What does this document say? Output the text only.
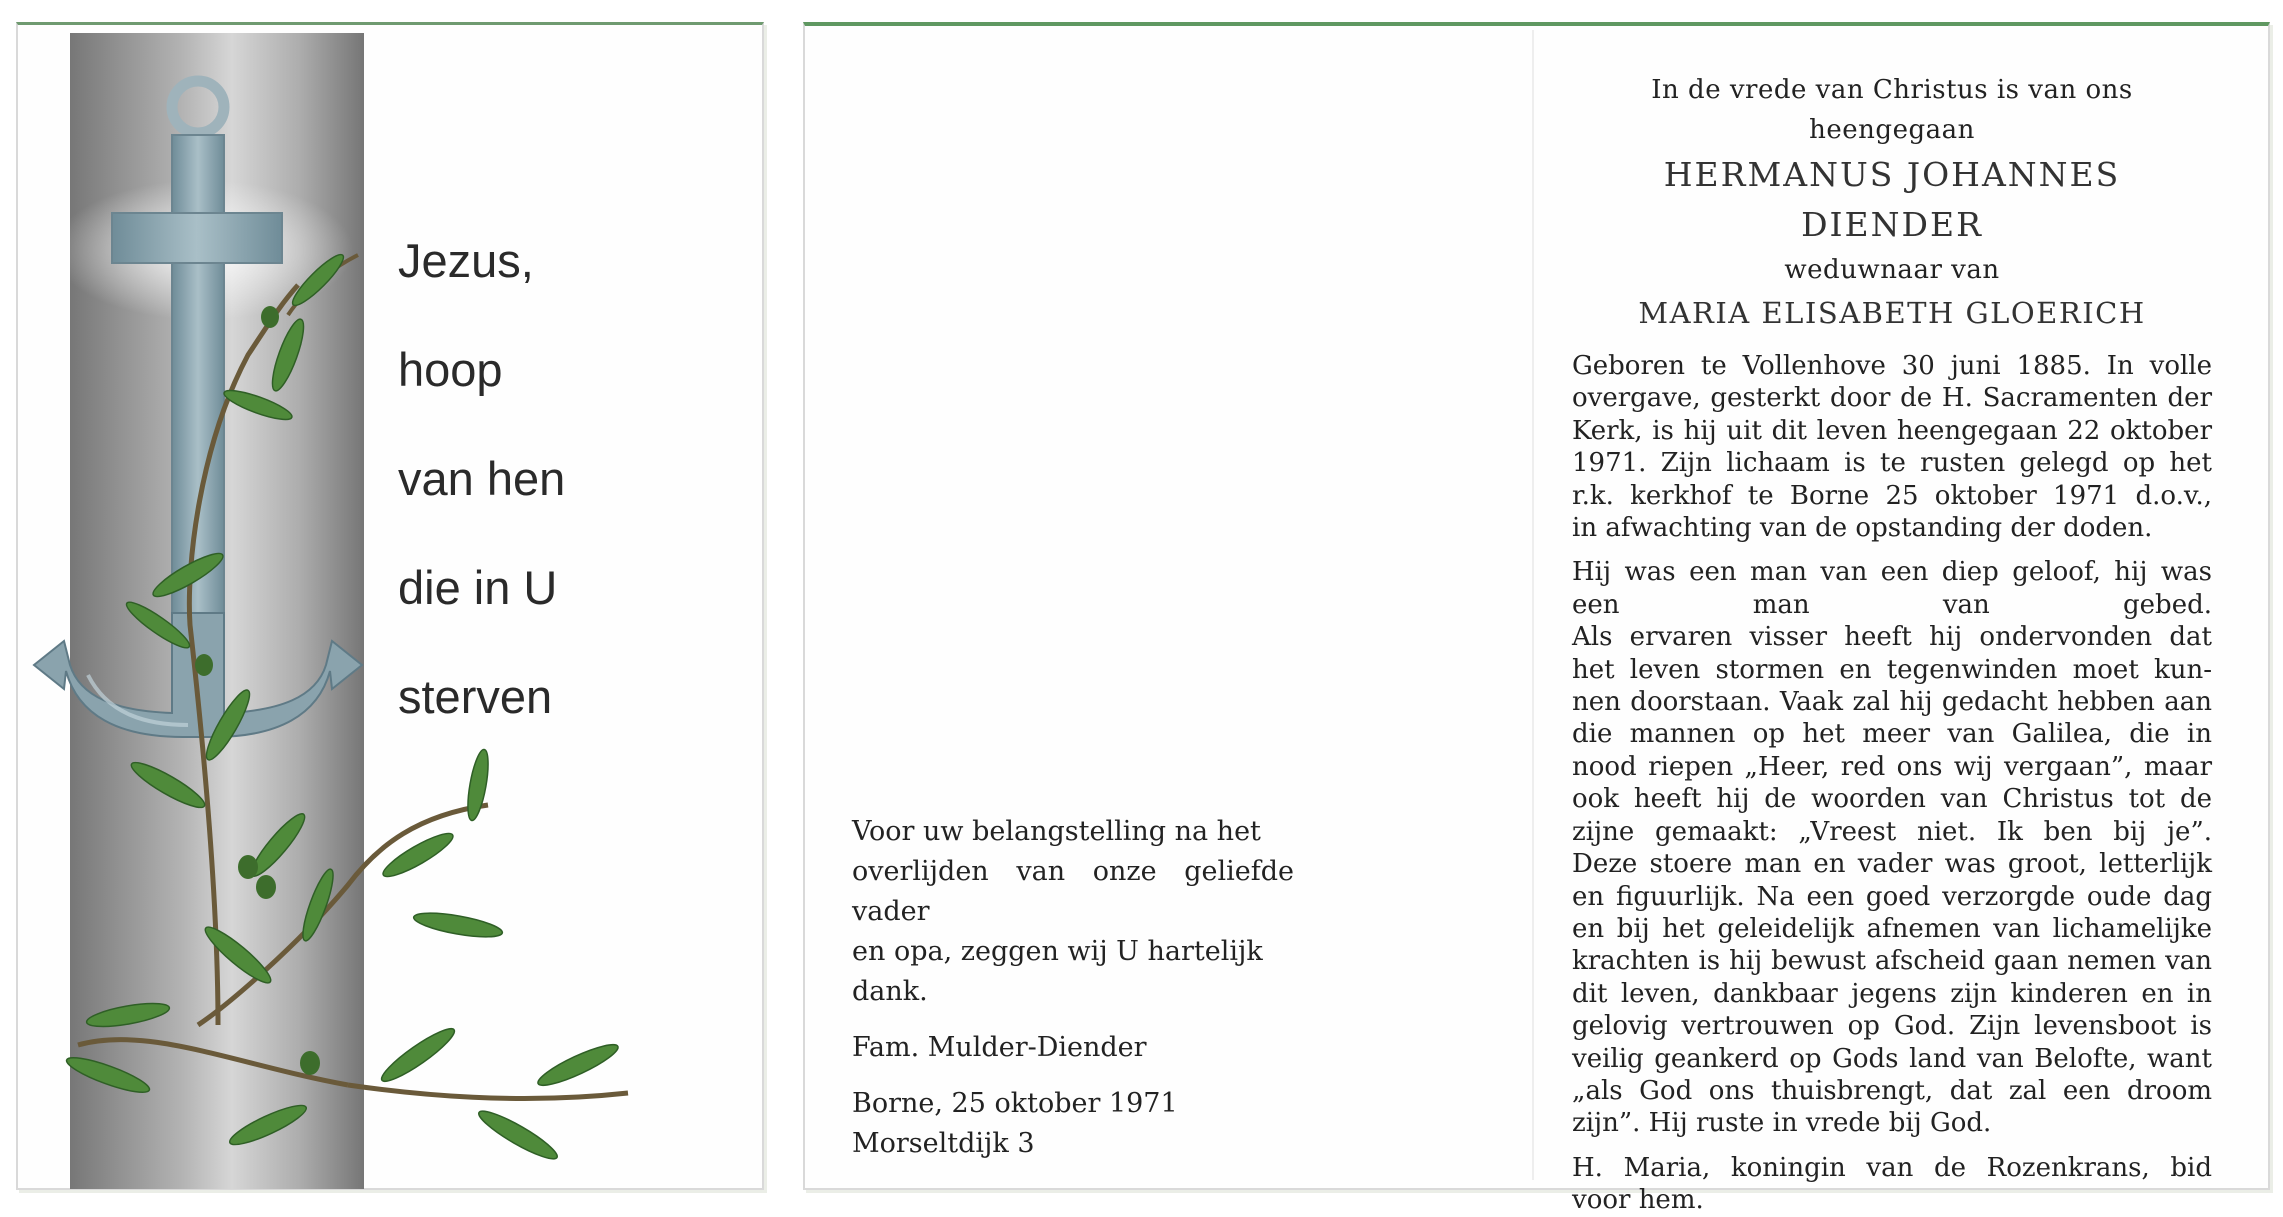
Jezus,
hoop
van hen
die in U
sterven

Voor uw belangstelling na het

overlijden van onze geliefde vader

en opa, zeggen wij U hartelijk

dank.

Fam. Mulder-Diender

Borne, 25 oktober 1971

Morseltdijk 3

In de vrede van Christus is van ons heengegaan
HERMANUS JOHANNES DIENDER
weduwnaar van
MARIA ELISABETH GLOERICH

Geboren te Vollenhove 30 juni 1885. In volle

overgave, gesterkt door de H. Sacramenten der

Kerk, is hij uit dit leven heengegaan 22 oktober

1971. Zijn lichaam is te rusten gelegd op het

r.k. kerkhof te Borne 25 oktober 1971 d.o.v.,

in afwachting van de opstanding der doden.

Hij was een man van een diep geloof, hij was

een man van gebed.

Als ervaren visser heeft hij ondervonden dat

het leven stormen en tegenwinden moet kun-

nen doorstaan. Vaak zal hij gedacht hebben aan

die mannen op het meer van Galilea, die in

nood riepen „Heer, red ons wij vergaan”, maar

ook heeft hij de woorden van Christus tot de

zijne gemaakt: „Vreest niet. Ik ben bij je”.

Deze stoere man en vader was groot, letterlijk

en figuurlijk. Na een goed verzorgde oude dag

en bij het geleidelijk afnemen van lichamelijke

krachten is hij bewust afscheid gaan nemen van

dit leven, dankbaar jegens zijn kinderen en in

gelovig vertrouwen op God. Zijn levensboot is

veilig geankerd op Gods land van Belofte, want

„als God ons thuisbrengt, dat zal een droom

zijn”. Hij ruste in vrede bij God.

H. Maria, koningin van de Rozenkrans, bid

voor hem.
